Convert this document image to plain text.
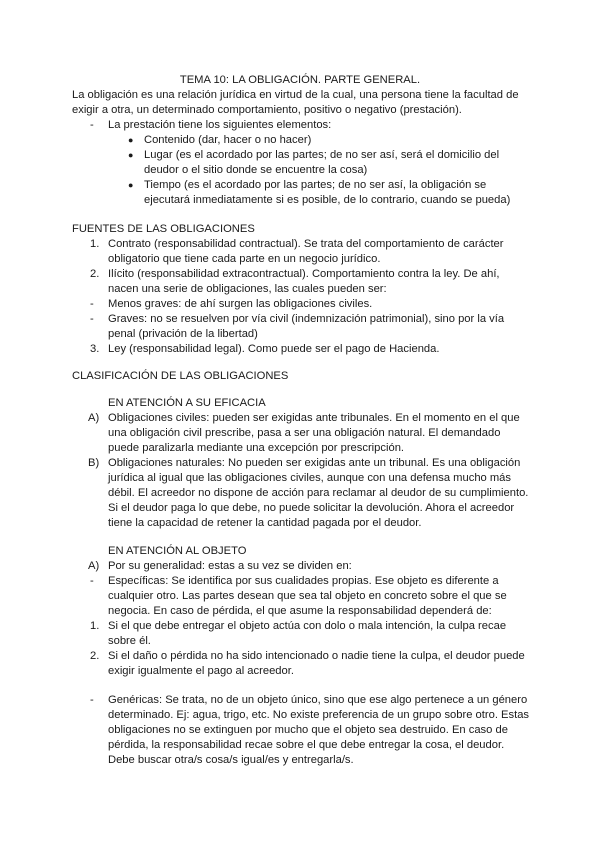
TEMA 10: LA OBLIGACIÓN. PARTE GENERAL.
La obligación es una relación jurídica en virtud de la cual, una persona tiene la facultad de
exigir a otra, un determinado comportamiento, positivo o negativo (prestación).
- La prestación tiene los siguientes elementos:
● Contenido (dar, hacer o no hacer)
● Lugar (es el acordado por las partes; de no ser así, será el domicilio del
deudor o el sitio donde se encuentre la cosa)
● Tiempo (es el acordado por las partes; de no ser así, la obligación se
ejecutará inmediatamente si es posible, de lo contrario, cuando se pueda)
FUENTES DE LAS OBLIGACIONES
1. Contrato (responsabilidad contractual). Se trata del comportamiento de carácter
obligatorio que tiene cada parte en un negocio jurídico.
2. Ilícito (responsabilidad extracontractual). Comportamiento contra la ley. De ahí,
nacen una serie de obligaciones, las cuales pueden ser:
- Menos graves: de ahí surgen las obligaciones civiles.
- Graves: no se resuelven por vía civil (indemnización patrimonial), sino por la vía
penal (privación de la libertad)
3. Ley (responsabilidad legal). Como puede ser el pago de Hacienda.
CLASIFICACIÓN DE LAS OBLIGACIONES
EN ATENCIÓN A SU EFICACIA
A) Obligaciones civiles: pueden ser exigidas ante tribunales. En el momento en el que
una obligación civil prescribe, pasa a ser una obligación natural. El demandado
puede paralizarla mediante una excepción por prescripción.
B) Obligaciones naturales: No pueden ser exigidas ante un tribunal. Es una obligación
jurídica al igual que las obligaciones civiles, aunque con una defensa mucho más
débil. El acreedor no dispone de acción para reclamar al deudor de su cumplimiento.
Si el deudor paga lo que debe, no puede solicitar la devolución. Ahora el acreedor
tiene la capacidad de retener la cantidad pagada por el deudor.
EN ATENCIÓN AL OBJETO
A) Por su generalidad: estas a su vez se dividen en:
- Específicas: Se identifica por sus cualidades propias. Ese objeto es diferente a
cualquier otro. Las partes desean que sea tal objeto en concreto sobre el que se
negocia. En caso de pérdida, el que asume la responsabilidad dependerá de:
1. Si el que debe entregar el objeto actúa con dolo o mala intención, la culpa recae
sobre él.
2. Si el daño o pérdida no ha sido intencionado o nadie tiene la culpa, el deudor puede
exigir igualmente el pago al acreedor.
- Genéricas: Se trata, no de un objeto único, sino que ese algo pertenece a un género
determinado. Ej: agua, trigo, etc. No existe preferencia de un grupo sobre otro. Estas
obligaciones no se extinguen por mucho que el objeto sea destruido. En caso de
pérdida, la responsabilidad recae sobre el que debe entregar la cosa, el deudor.
Debe buscar otra/s cosa/s igual/es y entregarla/s.
